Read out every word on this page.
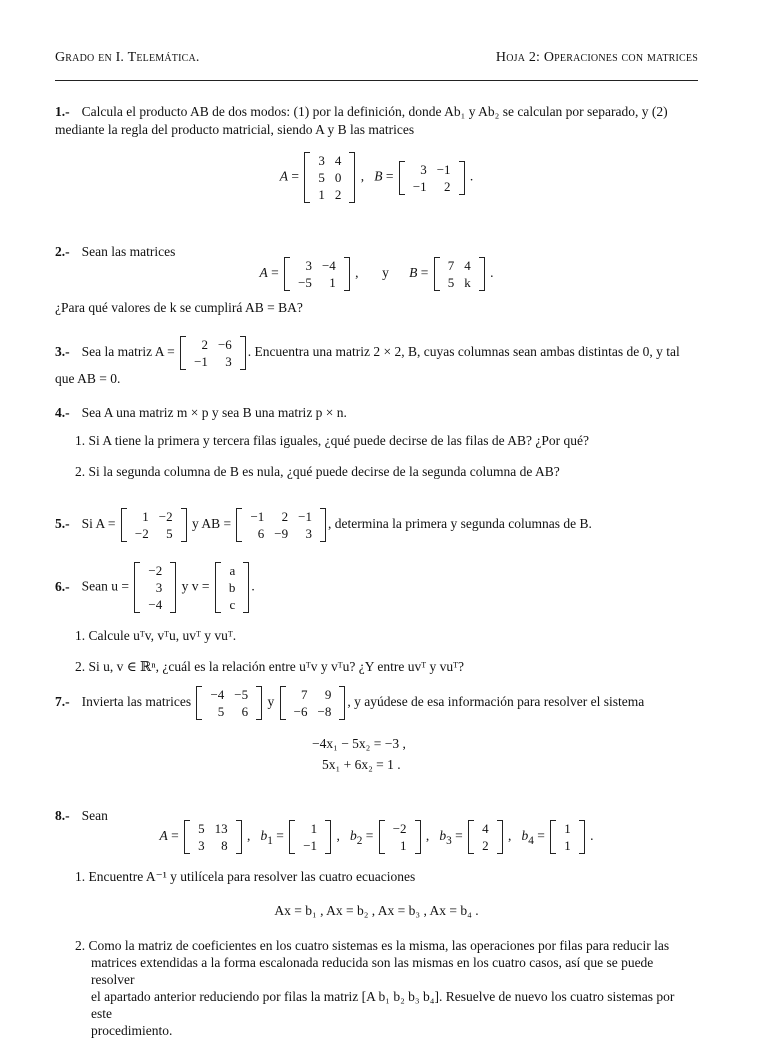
Grado en I. Telemática.	Hoja 2: Operaciones con matrices
1.- Calcula el producto AB de dos modos: (1) por la definición, donde Ab₁ y Ab₂ se calculan por separado, y (2)
mediante la regla del producto matricial, siendo A y B las matrices
A =
3	4
5	0
1	2
,   B = 3	−1
−1	2
.
2.- Sean las matrices
A = 3	−4
−5	1
,       y B = 7	4
5	k
.
¿Para qué valores de k se cumplirá AB = BA?
3.- Sea la matriz A = 2	−6
−1	3
. Encuentra una matriz 2 × 2, B, cuyas columnas sean ambas distintas de 0, y tal
que AB = 0.
4.- Sea A una matriz m × p y sea B una matriz p × n.
1. Si A tiene la primera y tercera filas iguales, ¿qué puede decirse de las filas de AB? ¿Por qué?
2. Si la segunda columna de B es nula, ¿qué puede decirse de la segunda columna de AB?
5.- Si A = 1	−2
−2	5
y AB = −1	2	−1
6	−9	3
, determina la primera y segunda columnas de B.
6.- Sean u =
−2
3
−4
y v =
a
b
c
.
1. Calcule uᵀv, vᵀu, uvᵀ y vuᵀ.
2. Si u, v ∈ ℝⁿ, ¿cuál es la relación entre uᵀv y vᵀu? ¿Y entre uvᵀ y vuᵀ?
7.- Invierta las matrices −4	−5
5	6
y 7	9
−6	−8
, y ayúdese de esa información para resolver el sistema
−4x₁ − 5x₂ = −3 ,
5x₁ + 6x₂ = 1 .
8.- Sean
A = 5	13
3	8
,   $b_1 = 1$
−1
,   $b_2 = -2$
1
,   $b_3 = 4$
2
,   $b_4 = 1$
1
.
1. Encuentre A⁻¹ y utilícela para resolver las cuatro ecuaciones
Ax = b₁ , Ax = b₂ , Ax = b₃ , Ax = b₄ .
2. Como la matriz de coeficientes en los cuatro sistemas es la misma, las operaciones por filas para reducir las
matrices extendidas a la forma escalonada reducida son las mismas en los cuatro casos, así que se puede resolver
el apartado anterior reduciendo por filas la matriz [A b₁ b₂ b₃ b₄]. Resuelve de nuevo los cuatro sistemas por este
procedimiento.
